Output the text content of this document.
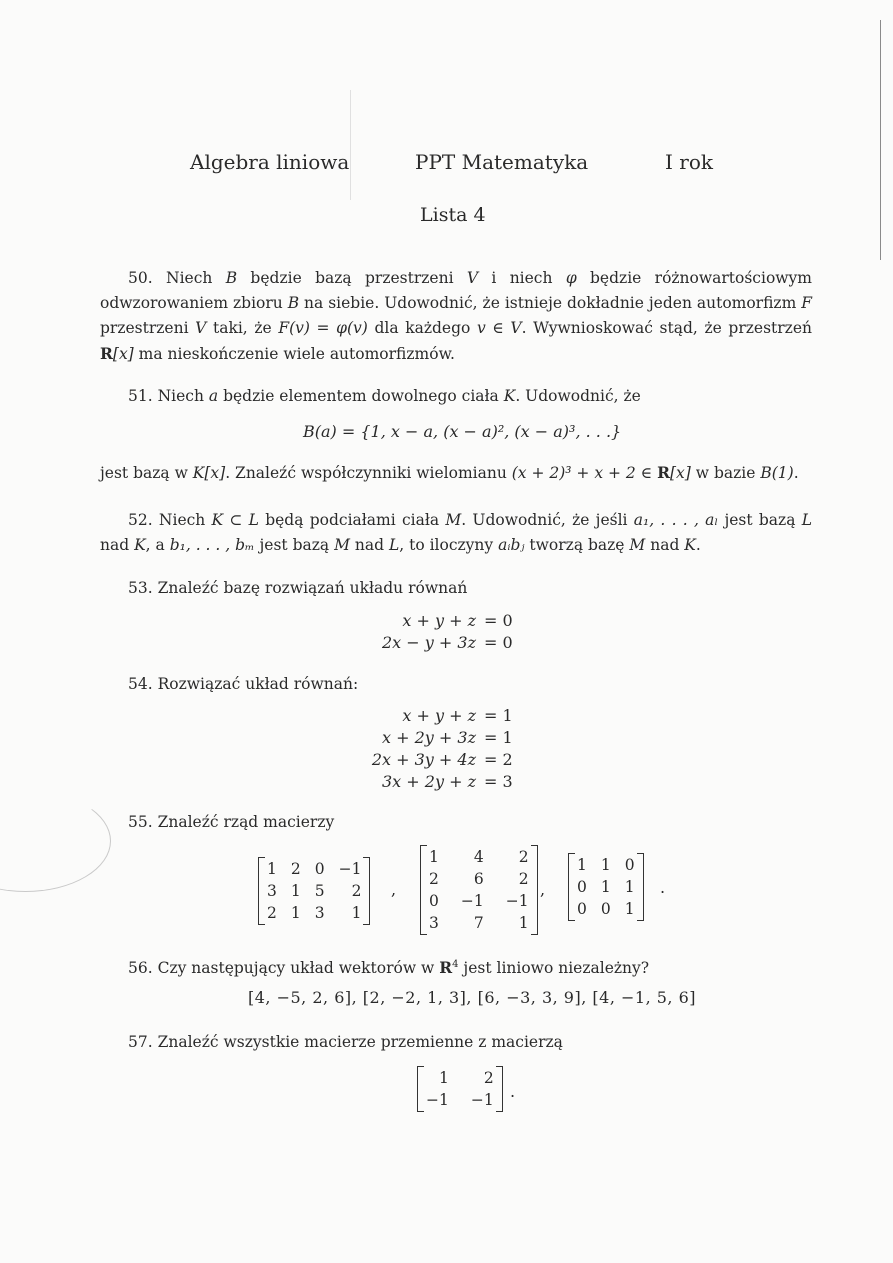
Algebra liniowa	PPT Matematyka	I rok
Lista 4
50. Niech B będzie bazą przestrzeni V i niech φ będzie różnowartościowym odwzorowaniem zbioru B na siebie. Udowodnić, że istnieje dokładnie jeden automorfizm F przestrzeni V taki, że F(v) = φ(v) dla każdego v ∈ V. Wywnioskować stąd, że przestrzeń R[x] ma nieskończenie wiele automorfizmów.
51. Niech a będzie elementem dowolnego ciała K. Udowodnić, że
B(a) = {1, x − a, (x − a)², (x − a)³, . . .}
jest bazą w K[x]. Znaleźć współczynniki wielomianu (x + 2)³ + x + 2 ∈ R[x] w bazie B(1).
52. Niech K ⊂ L będą podciałami ciała M. Udowodnić, że jeśli a₁, . . . , aₗ jest bazą L nad K, a b₁, . . . , bₘ jest bazą M nad L, to iloczyny aᵢbⱼ tworzą bazę M nad K.
53. Znaleźć bazę rozwiązań układu równań
x + y + z = 0
2x − y + 3z = 0
54. Rozwiązać układ równań:
x + y + z = 1
x + 2y + 3z = 1
2x + 3y + 4z = 2
3x + 2y + z = 3
55. Znaleźć rząd macierzy
1 2 0 −1
3 1 5	2
2 1 3	1
,
1	4	2
2	6	2
0 −1 −1
3	7	1
,
1 1 0
0 1 1
0 0 1
.
56. Czy następujący układ wektorów w $R^4$ jest liniowo niezależny?
[4, −5, 2, 6], [2, −2, 1, 3], [6, −3, 3, 9], [4, −1, 5, 6]
57. Znaleźć wszystkie macierze przemienne z macierzą
1	2
−1 −1 .
